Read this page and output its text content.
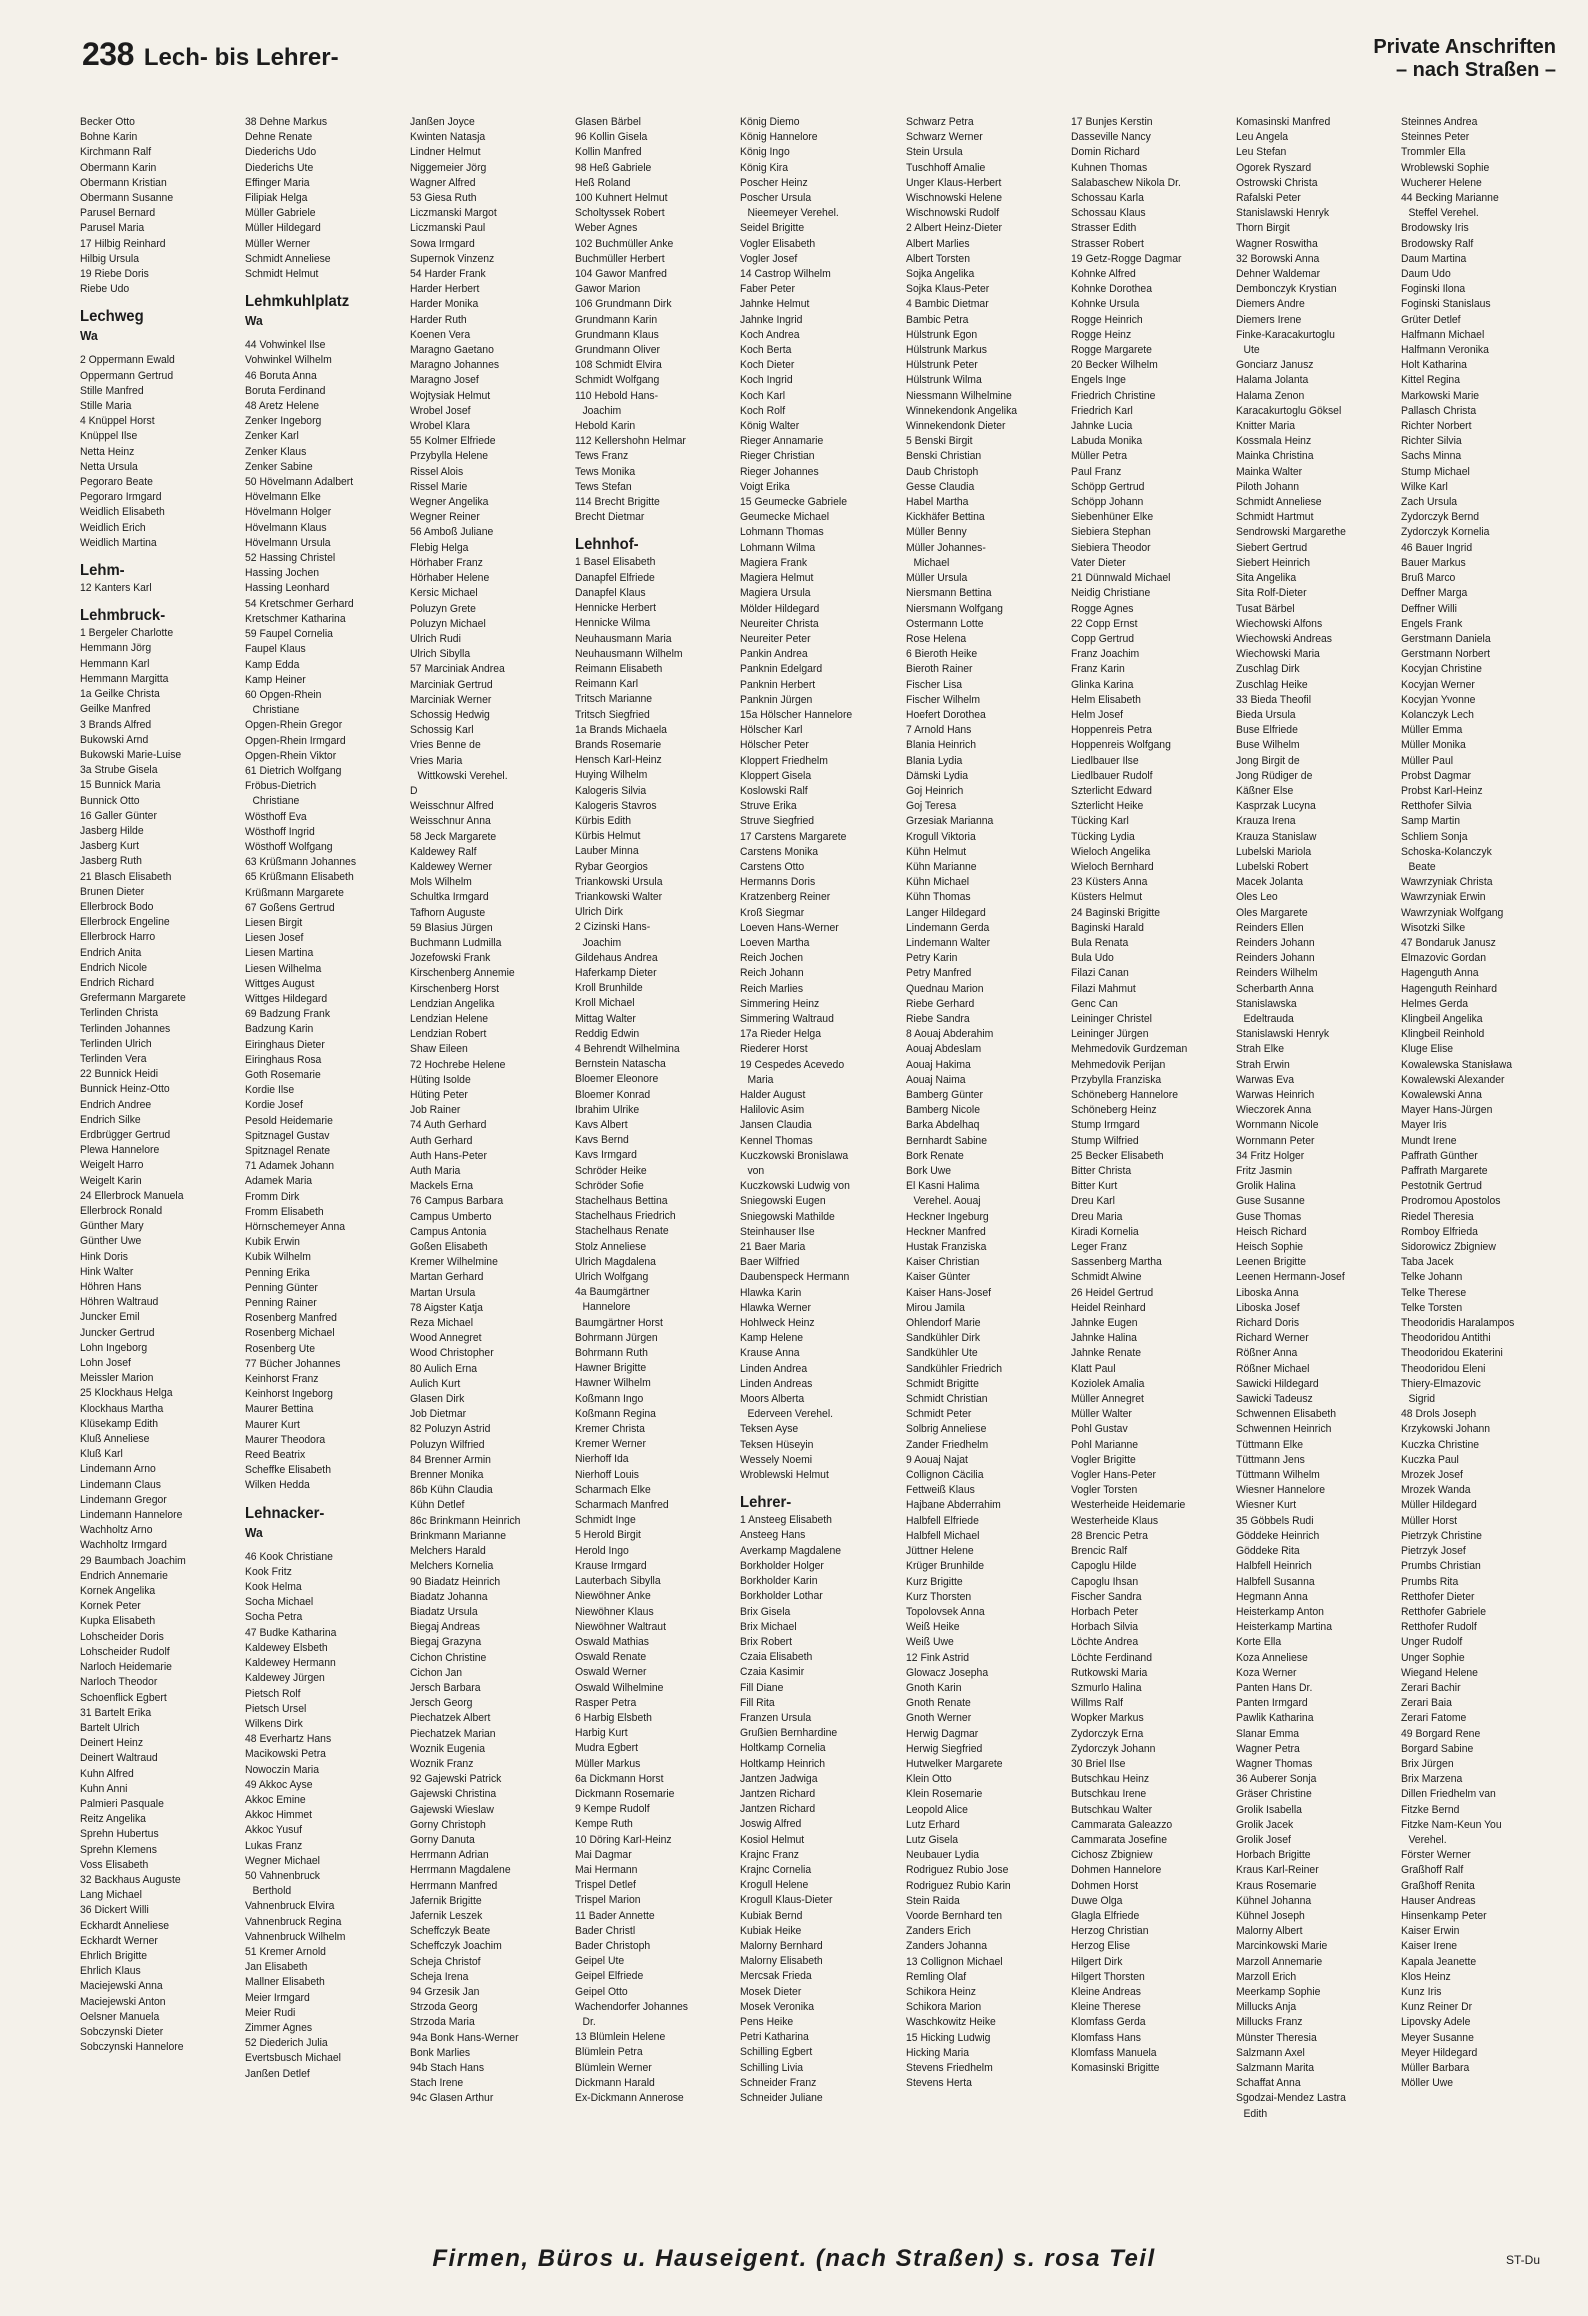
238 Lech- bis Lehrer-	Private Anschriften
– nach Straßen –
Becker Otto
Bohne Karin
Kirchmann Ralf
Obermann Karin
Obermann Kristian
Obermann Susanne
Parusel Bernard
Parusel Maria
17 Hilbig Reinhard
Hilbig Ursula
19 Riebe Doris
Riebe Udo
Lechweg
Wa
2 Oppermann Ewald
Oppermann Gertrud
Stille Manfred
Stille Maria
4 Knüppel Horst
Knüppel Ilse
Netta Heinz
Netta Ursula
Pegoraro Beate
Pegoraro Irmgard
Weidlich Elisabeth
Weidlich Erich
Weidlich Martina
Lehm-
12 Kanters Karl
Lehmbruck-
1 Bergeler Charlotte
Hemmann Jörg
Hemmann Karl
Hemmann Margitta
1a Geilke Christa
Geilke Manfred
3 Brands Alfred
Bukowski Arnd
Bukowski Marie-Luise
3a Strube Gisela
15 Bunnick Maria
Bunnick Otto
16 Galler Günter
Jasberg Hilde
Jasberg Kurt
Jasberg Ruth
21 Blasch Elisabeth
Brunen Dieter
Ellerbrock Bodo
Ellerbrock Engeline
Ellerbrock Harro
Endrich Anita
Endrich Nicole
Endrich Richard
Grefermann Margarete
Terlinden Christa
Terlinden Johannes
Terlinden Ulrich
Terlinden Vera
22 Bunnick Heidi
Bunnick Heinz-Otto
Endrich Andree
Endrich Silke
Erdbrügger Gertrud
Plewa Hannelore
Weigelt Harro
Weigelt Karin
24 Ellerbrock Manuela
Ellerbrock Ronald
Günther Mary
Günther Uwe
Hink Doris
Hink Walter
Höhren Hans
Höhren Waltraud
Juncker Emil
Juncker Gertrud
Lohn Ingeborg
Lohn Josef
Meissler Marion
25 Klockhaus Helga
Klockhaus Martha
Klüsekamp Edith
Kluß Anneliese
Kluß Karl
Lindemann Arno
Lindemann Claus
Lindemann Gregor
Lindemann Hannelore
Wachholtz Arno
Wachholtz Irmgard
29 Baumbach Joachim
Endrich Annemarie
Kornek Angelika
Kornek Peter
Kupka Elisabeth
Lohscheider Doris
Lohscheider Rudolf
Narloch Heidemarie
Narloch Theodor
Schoenflick Egbert
31 Bartelt Erika
Bartelt Ulrich
Deinert Heinz
Deinert Waltraud
Kuhn Alfred
Kuhn Anni
Palmieri Pasquale
Reitz Angelika
Sprehn Hubertus
Sprehn Klemens
Voss Elisabeth
32 Backhaus Auguste
Lang Michael
36 Dickert Willi
Eckhardt Anneliese
Eckhardt Werner
Ehrlich Brigitte
Ehrlich Klaus
Maciejewski Anna
Maciejewski Anton
Oelsner Manuela
Sobczynski Dieter
Sobczynski Hannelore
38 Dehne Markus
Dehne Renate
Diederichs Udo
Diederichs Ute
Effinger Maria
Filipiak Helga
Müller Gabriele
Müller Hildegard
Müller Werner
Schmidt Anneliese
Schmidt Helmut
Lehmkuhlplatz
Wa
44 Vohwinkel Ilse
Vohwinkel Wilhelm
46 Boruta Anna
Boruta Ferdinand
48 Aretz Helene
Zenker Ingeborg
Zenker Karl
Zenker Klaus
Zenker Sabine
50 Hövelmann Adalbert
Hövelmann Elke
Hövelmann Holger
Hövelmann Klaus
Hövelmann Ursula
52 Hassing Christel
Hassing Jochen
Hassing Leonhard
54 Kretschmer Gerhard
Kretschmer Katharina
59 Faupel Cornelia
Faupel Klaus
Kamp Edda
Kamp Heiner
60 Opgen-Rhein
Christiane
Opgen-Rhein Gregor
Opgen-Rhein Irmgard
Opgen-Rhein Viktor
61 Dietrich Wolfgang
Fröbus-Dietrich
Christiane
Wösthoff Eva
Wösthoff Ingrid
Wösthoff Wolfgang
63 Krüßmann Johannes
65 Krüßmann Elisabeth
Krüßmann Margarete
67 Goßens Gertrud
Liesen Birgit
Liesen Josef
Liesen Martina
Liesen Wilhelma
Wittges August
Wittges Hildegard
69 Badzung Frank
Badzung Karin
Eiringhaus Dieter
Eiringhaus Rosa
Goth Rosemarie
Kordie Ilse
Kordie Josef
Pesold Heidemarie
Spitznagel Gustav
Spitznagel Renate
71 Adamek Johann
Adamek Maria
Fromm Dirk
Fromm Elisabeth
Hörnschemeyer Anna
Kubik Erwin
Kubik Wilhelm
Penning Erika
Penning Günter
Penning Rainer
Rosenberg Manfred
Rosenberg Michael
Rosenberg Ute
77 Bücher Johannes
Keinhorst Franz
Keinhorst Ingeborg
Maurer Bettina
Maurer Kurt
Maurer Theodora
Reed Beatrix
Scheffke Elisabeth
Wilken Hedda
Lehnacker-
Wa
46 Kook Christiane
Kook Fritz
Kook Helma
Socha Michael
Socha Petra
47 Budke Katharina
Kaldewey Elsbeth
Kaldewey Hermann
Kaldewey Jürgen
Pietsch Rolf
Pietsch Ursel
Wilkens Dirk
48 Everhartz Hans
Macikowski Petra
Nowoczin Maria
49 Akkoc Ayse
Akkoc Emine
Akkoc Himmet
Akkoc Yusuf
Lukas Franz
Wegner Michael
50 Vahnenbruck
Berthold
Vahnenbruck Elvira
Vahnenbruck Regina
Vahnenbruck Wilhelm
51 Kremer Arnold
Jan Elisabeth
Mallner Elisabeth
Meier Irmgard
Meier Rudi
Zimmer Agnes
52 Diederich Julia
Evertsbusch Michael
Janßen Detlef
Janßen Joyce
Kwinten Natasja
Lindner Helmut
Niggemeier Jörg
Wagner Alfred
53 Giesa Ruth
Liczmanski Margot
Liczmanski Paul
Sowa Irmgard
Supernok Vinzenz
54 Harder Frank
Harder Herbert
Harder Monika
Harder Ruth
Koenen Vera
Maragno Gaetano
Maragno Johannes
Maragno Josef
Wojtysiak Helmut
Wrobel Josef
Wrobel Klara
55 Kolmer Elfriede
Przybylla Helene
Rissel Alois
Rissel Marie
Wegner Angelika
Wegner Reiner
56 Amboß Juliane
Flebig Helga
Hörhaber Franz
Hörhaber Helene
Kersic Michael
Poluzyn Grete
Poluzyn Michael
Ulrich Rudi
Ulrich Sibylla
57 Marciniak Andrea
Marciniak Gertrud
Marciniak Werner
Schossig Hedwig
Schossig Karl
Vries Benne de
Vries Maria
Wittkowski Verehel.
D
Weisschnur Alfred
Weisschnur Anna
58 Jeck Margarete
Kaldewey Ralf
Kaldewey Werner
Mols Wilhelm
Schultka Irmgard
Tafhorn Auguste
59 Blasius Jürgen
Buchmann Ludmilla
Jozefowski Frank
Kirschenberg Annemie
Kirschenberg Horst
Lendzian Angelika
Lendzian Helene
Lendzian Robert
Shaw Eileen
72 Hochrebe Helene
Hüting Isolde
Hüting Peter
Job Rainer
74 Auth Gerhard
Auth Gerhard
Auth Hans-Peter
Auth Maria
Mackels Erna
76 Campus Barbara
Campus Umberto
Campus Antonia
Goßen Elisabeth
Kremer Wilhelmine
Martan Gerhard
Martan Ursula
78 Aigster Katja
Reza Michael
Wood Annegret
Wood Christopher
80 Aulich Erna
Aulich Kurt
Glasen Dirk
Job Dietmar
82 Poluzyn Astrid
Poluzyn Wilfried
84 Brenner Armin
Brenner Monika
86b Kühn Claudia
Kühn Detlef
86c Brinkmann Heinrich
Brinkmann Marianne
Melchers Harald
Melchers Kornelia
90 Biadatz Heinrich
Biadatz Johanna
Biadatz Ursula
Biegaj Andreas
Biegaj Grazyna
Cichon Christine
Cichon Jan
Jersch Barbara
Jersch Georg
Piechatzek Albert
Piechatzek Marian
Woznik Eugenia
Woznik Franz
92 Gajewski Patrick
Gajewski Christina
Gajewski Wieslaw
Gorny Christoph
Gorny Danuta
Herrmann Adrian
Herrmann Magdalene
Herrmann Manfred
Jafernik Brigitte
Jafernik Leszek
Scheffczyk Beate
Scheffczyk Joachim
Scheja Christof
Scheja Irena
94 Grzesik Jan
Strzoda Georg
Strzoda Maria
94a Bonk Hans-Werner
Bonk Marlies
94b Stach Hans
Stach Irene
94c Glasen Arthur
Glasen Bärbel
96 Kollin Gisela
Kollin Manfred
98 Heß Gabriele
Heß Roland
100 Kuhnert Helmut
Scholtyssek Robert
Weber Agnes
102 Buchmüller Anke
Buchmüller Herbert
104 Gawor Manfred
Gawor Marion
106 Grundmann Dirk
Grundmann Karin
Grundmann Klaus
Grundmann Oliver
108 Schmidt Elvira
Schmidt Wolfgang
110 Hebold Hans-
Joachim
Hebold Karin
112 Kellershohn Helmar
Tews Franz
Tews Monika
Tews Stefan
114 Brecht Brigitte
Brecht Dietmar
Lehnhof-
1 Basel Elisabeth
Danapfel Elfriede
Danapfel Klaus
Hennicke Herbert
Hennicke Wilma
Neuhausmann Maria
Neuhausmann Wilhelm
Reimann Elisabeth
Reimann Karl
Tritsch Marianne
Tritsch Siegfried
1a Brands Michaela
Brands Rosemarie
Hensch Karl-Heinz
Huying Wilhelm
Kalogeris Silvia
Kalogeris Stavros
Kürbis Edith
Kürbis Helmut
Lauber Minna
Rybar Georgios
Triankowski Ursula
Triankowski Walter
Ulrich Dirk
2 Cizinski Hans-
Joachim
Gildehaus Andrea
Haferkamp Dieter
Kroll Brunhilde
Kroll Michael
Mittag Walter
Reddig Edwin
4 Behrendt Wilhelmina
Bernstein Natascha
Bloemer Eleonore
Bloemer Konrad
Ibrahim Ulrike
Kavs Albert
Kavs Bernd
Kavs Irmgard
Schröder Heike
Schröder Sofie
Stachelhaus Bettina
Stachelhaus Friedrich
Stachelhaus Renate
Stolz Anneliese
Ulrich Magdalena
Ulrich Wolfgang
4a Baumgärtner
Hannelore
Baumgärtner Horst
Bohrmann Jürgen
Bohrmann Ruth
Hawner Brigitte
Hawner Wilhelm
Koßmann Ingo
Koßmann Regina
Kremer Christa
Kremer Werner
Nierhoff Ida
Nierhoff Louis
Scharmach Elke
Scharmach Manfred
Schmidt Inge
5 Herold Birgit
Herold Ingo
Krause Irmgard
Lauterbach Sibylla
Niewöhner Anke
Niewöhner Klaus
Niewöhner Waltraut
Oswald Mathias
Oswald Renate
Oswald Werner
Oswald Wilhelmine
Rasper Petra
6 Harbig Elsbeth
Harbig Kurt
Mudra Egbert
Müller Markus
6a Dickmann Horst
Dickmann Rosemarie
9 Kempe Rudolf
Kempe Ruth
10 Döring Karl-Heinz
Mai Dagmar
Mai Hermann
Trispel Detlef
Trispel Marion
11 Bader Annette
Bader Christl
Bader Christoph
Geipel Ute
Geipel Elfriede
Geipel Otto
Wachendorfer Johannes
Dr.
13 Blümlein Helene
Blümlein Petra
Blümlein Werner
Dickmann Harald
Ex-Dickmann Annerose
König Diemo
König Hannelore
König Ingo
König Kira
Poscher Heinz
Poscher Ursula
Nieemeyer Verehel.
Seidel Brigitte
Vogler Elisabeth
Vogler Josef
14 Castrop Wilhelm
Faber Peter
Jahnke Helmut
Jahnke Ingrid
Koch Andrea
Koch Berta
Koch Dieter
Koch Ingrid
Koch Karl
Koch Rolf
König Walter
Rieger Annamarie
Rieger Christian
Rieger Johannes
Voigt Erika
15 Geumecke Gabriele
Geumecke Michael
Lohmann Thomas
Lohmann Wilma
Magiera Frank
Magiera Helmut
Magiera Ursula
Mölder Hildegard
Neureiter Christa
Neureiter Peter
Pankin Andrea
Panknin Edelgard
Panknin Herbert
Panknin Jürgen
15a Hölscher Hannelore
Hölscher Karl
Hölscher Peter
Kloppert Friedhelm
Kloppert Gisela
Koslowski Ralf
Struve Erika
Struve Siegfried
17 Carstens Margarete
Carstens Monika
Carstens Otto
Hermanns Doris
Kratzenberg Reiner
Kroß Siegmar
Loeven Hans-Werner
Loeven Martha
Reich Jochen
Reich Johann
Reich Marlies
Simmering Heinz
Simmering Waltraud
17a Rieder Helga
Riederer Horst
19 Cespedes Acevedo
Maria
Halder August
Halilovic Asim
Jansen Claudia
Kennel Thomas
Kuczkowski Bronislawa
von
Kuczkowski Ludwig von
Sniegowski Eugen
Sniegowski Mathilde
Steinhauser Ilse
21 Baer Maria
Baer Wilfried
Daubenspeck Hermann
Hlawka Karin
Hlawka Werner
Hohlweck Heinz
Kamp Helene
Krause Anna
Linden Andrea
Linden Andreas
Moors Alberta
Ederveen Verehel.
Teksen Ayse
Teksen Hüseyin
Wessely Noemi
Wroblewski Helmut
Lehrer-
1 Ansteeg Elisabeth
Ansteeg Hans
Averkamp Magdalene
Borkholder Holger
Borkholder Karin
Borkholder Lothar
Brix Gisela
Brix Michael
Brix Robert
Czaia Elisabeth
Czaia Kasimir
Fill Diane
Fill Rita
Franzen Ursula
Grußien Bernhardine
Holtkamp Cornelia
Holtkamp Heinrich
Jantzen Jadwiga
Jantzen Richard
Jantzen Richard
Joswig Alfred
Kosiol Helmut
Krajnc Franz
Krajnc Cornelia
Krogull Helene
Krogull Klaus-Dieter
Kubiak Bernd
Kubiak Heike
Malorny Bernhard
Malorny Elisabeth
Mercsak Frieda
Mosek Dieter
Mosek Veronika
Pens Heike
Petri Katharina
Schilling Egbert
Schilling Livia
Schneider Franz
Schneider Juliane
Schwarz Petra
Schwarz Werner
Stein Ursula
Tuschhoff Amalie
Unger Klaus-Herbert
Wischnowski Helene
Wischnowski Rudolf
2 Albert Heinz-Dieter
Albert Marlies
Albert Torsten
Sojka Angelika
Sojka Klaus-Peter
4 Bambic Dietmar
Bambic Petra
Hülstrunk Egon
Hülstrunk Markus
Hülstrunk Peter
Hülstrunk Wilma
Niessmann Wilhelmine
Winnekendonk Angelika
Winnekendonk Dieter
5 Benski Birgit
Benski Christian
Daub Christoph
Gesse Claudia
Habel Martha
Kickhäfer Bettina
Müller Benny
Müller Johannes-
Michael
Müller Ursula
Niersmann Bettina
Niersmann Wolfgang
Ostermann Lotte
Rose Helena
6 Bieroth Heike
Bieroth Rainer
Fischer Lisa
Fischer Wilhelm
Hoefert Dorothea
7 Arnold Hans
Blania Heinrich
Blania Lydia
Dämski Lydia
Goj Heinrich
Goj Teresa
Grzesiak Marianna
Krogull Viktoria
Kühn Helmut
Kühn Marianne
Kühn Michael
Kühn Thomas
Langer Hildegard
Lindemann Gerda
Lindemann Walter
Petry Karin
Petry Manfred
Quednau Marion
Riebe Gerhard
Riebe Sandra
8 Aouaj Abderahim
Aouaj Abdeslam
Aouaj Hakima
Aouaj Naima
Bamberg Günter
Bamberg Nicole
Barka Abdelhaq
Bernhardt Sabine
Bork Renate
Bork Uwe
El Kasni Halima
Verehel. Aouaj
Heckner Ingeburg
Heckner Manfred
Hustak Franziska
Kaiser Christian
Kaiser Günter
Kaiser Hans-Josef
Mirou Jamila
Ohlendorf Marie
Sandkühler Dirk
Sandkühler Ute
Sandkühler Friedrich
Schmidt Brigitte
Schmidt Christian
Schmidt Peter
Solbrig Anneliese
Zander Friedhelm
9 Aouaj Najat
Collignon Cäcilia
Fettweiß Klaus
Hajbane Abderrahim
Halbfell Elfriede
Halbfell Michael
Jüttner Helene
Krüger Brunhilde
Kurz Brigitte
Kurz Thorsten
Topolovsek Anna
Weiß Heike
Weiß Uwe
12 Fink Astrid
Glowacz Josepha
Gnoth Karin
Gnoth Renate
Gnoth Werner
Herwig Dagmar
Herwig Siegfried
Hutwelker Margarete
Klein Otto
Klein Rosemarie
Leopold Alice
Lutz Erhard
Lutz Gisela
Neubauer Lydia
Rodriguez Rubio Jose
Rodriguez Rubio Karin
Stein Raida
Voorde Bernhard ten
Zanders Erich
Zanders Johanna
13 Collignon Michael
Remling Olaf
Schikora Heinz
Schikora Marion
Waschkowitz Heike
15 Hicking Ludwig
Hicking Maria
Stevens Friedhelm
Stevens Herta
17 Bunjes Kerstin
Dasseville Nancy
Domin Richard
Kuhnen Thomas
Salabaschew Nikola Dr.
Schossau Karla
Schossau Klaus
Strasser Edith
Strasser Robert
19 Getz-Rogge Dagmar
Kohnke Alfred
Kohnke Dorothea
Kohnke Ursula
Rogge Heinrich
Rogge Heinz
Rogge Margarete
20 Becker Wilhelm
Engels Inge
Friedrich Christine
Friedrich Karl
Jahnke Lucia
Labuda Monika
Müller Petra
Paul Franz
Schöpp Gertrud
Schöpp Johann
Siebenhüner Elke
Siebiera Stephan
Siebiera Theodor
Vater Dieter
21 Dünnwald Michael
Neidig Christiane
Rogge Agnes
22 Copp Ernst
Copp Gertrud
Franz Joachim
Franz Karin
Glinka Karina
Helm Elisabeth
Helm Josef
Hoppenreis Petra
Hoppenreis Wolfgang
Liedlbauer Ilse
Liedlbauer Rudolf
Szterlicht Edward
Szterlicht Heike
Tücking Karl
Tücking Lydia
Wieloch Angelika
Wieloch Bernhard
23 Küsters Anna
Küsters Helmut
24 Baginski Brigitte
Baginski Harald
Bula Renata
Bula Udo
Filazi Canan
Filazi Mahmut
Genc Can
Leininger Christel
Leininger Jürgen
Mehmedovik Gurdzeman
Mehmedovik Perijan
Przybylla Franziska
Schöneberg Hannelore
Schöneberg Heinz
Stump Irmgard
Stump Wilfried
25 Becker Elisabeth
Bitter Christa
Bitter Kurt
Dreu Karl
Dreu Maria
Kiradi Kornelia
Leger Franz
Sassenberg Martha
Schmidt Alwine
26 Heidel Gertrud
Heidel Reinhard
Jahnke Eugen
Jahnke Halina
Jahnke Renate
Klatt Paul
Koziolek Amalia
Müller Annegret
Müller Walter
Pohl Gustav
Pohl Marianne
Vogler Brigitte
Vogler Hans-Peter
Vogler Torsten
Westerheide Heidemarie
Westerheide Klaus
28 Brencic Petra
Brencic Ralf
Capoglu Hilde
Capoglu Ihsan
Fischer Sandra
Horbach Peter
Horbach Silvia
Löchte Andrea
Löchte Ferdinand
Rutkowski Maria
Szmurlo Halina
Willms Ralf
Wopker Markus
Zydorczyk Erna
Zydorczyk Johann
30 Briel Ilse
Butschkau Heinz
Butschkau Irene
Butschkau Walter
Cammarata Galeazzo
Cammarata Josefine
Cichosz Zbigniew
Dohmen Hannelore
Dohmen Horst
Duwe Olga
Glagla Elfriede
Herzog Christian
Herzog Elise
Hilgert Dirk
Hilgert Thorsten
Kleine Andreas
Kleine Therese
Klomfass Gerda
Klomfass Hans
Klomfass Manuela
Komasinski Brigitte
Komasinski Manfred
Leu Angela
Leu Stefan
Ogorek Ryszard
Ostrowski Christa
Rafalski Peter
Stanislawski Henryk
Thorn Birgit
Wagner Roswitha
32 Borowski Anna
Dehner Waldemar
Dembonczyk Krystian
Diemers Andre
Diemers Irene
Finke-Karacakurtoglu
Ute
Gonciarz Janusz
Halama Jolanta
Halama Zenon
Karacakurtoglu Göksel
Knitter Maria
Kossmala Heinz
Mainka Christina
Mainka Walter
Piloth Johann
Schmidt Anneliese
Schmidt Hartmut
Sendrowski Margarethe
Siebert Gertrud
Siebert Heinrich
Sita Angelika
Sita Rolf-Dieter
Tusat Bärbel
Wiechowski Alfons
Wiechowski Andreas
Wiechowski Maria
Zuschlag Dirk
Zuschlag Heike
33 Bieda Theofil
Bieda Ursula
Buse Elfriede
Buse Wilhelm
Jong Birgit de
Jong Rüdiger de
Käßner Else
Kasprzak Lucyna
Krauza Irena
Krauza Stanislaw
Lubelski Mariola
Lubelski Robert
Macek Jolanta
Oles Leo
Oles Margarete
Reinders Ellen
Reinders Johann
Reinders Johann
Reinders Wilhelm
Scherbarth Anna
Stanislawska
Edeltrauda
Stanislawski Henryk
Strah Elke
Strah Erwin
Warwas Eva
Warwas Heinrich
Wieczorek Anna
Wornmann Nicole
Wornmann Peter
34 Fritz Holger
Fritz Jasmin
Grolik Halina
Guse Susanne
Guse Thomas
Heisch Richard
Heisch Sophie
Leenen Brigitte
Leenen Hermann-Josef
Liboska Anna
Liboska Josef
Richard Doris
Richard Werner
Rößner Anna
Rößner Michael
Sawicki Hildegard
Sawicki Tadeusz
Schwennen Elisabeth
Schwennen Heinrich
Tüttmann Elke
Tüttmann Jens
Tüttmann Wilhelm
Wiesner Hannelore
Wiesner Kurt
35 Göbbels Rudi
Göddeke Heinrich
Göddeke Rita
Halbfell Heinrich
Halbfell Susanna
Hegmann Anna
Heisterkamp Anton
Heisterkamp Martina
Korte Ella
Koza Anneliese
Koza Werner
Panten Hans Dr.
Panten Irmgard
Pawlik Katharina
Slanar Emma
Wagner Petra
Wagner Thomas
36 Auberer Sonja
Gräser Christine
Grolik Isabella
Grolik Jacek
Grolik Josef
Horbach Brigitte
Kraus Karl-Reiner
Kraus Rosemarie
Kühnel Johanna
Kühnel Joseph
Malorny Albert
Marcinkowski Marie
Marzoll Annemarie
Marzoll Erich
Meerkamp Sophie
Millucks Anja
Millucks Franz
Münster Theresia
Salzmann Axel
Salzmann Marita
Schaffat Anna
Sgodzai-Mendez Lastra
Edith
Steinnes Andrea
Steinnes Peter
Trommler Ella
Wroblewski Sophie
Wucherer Helene
44 Becking Marianne
Steffel Verehel.
Brodowsky Iris
Brodowsky Ralf
Daum Martina
Daum Udo
Foginski Ilona
Foginski Stanislaus
Grüter Detlef
Halfmann Michael
Halfmann Veronika
Holt Katharina
Kittel Regina
Markowski Marie
Pallasch Christa
Richter Norbert
Richter Silvia
Sachs Minna
Stump Michael
Wilke Karl
Zach Ursula
Zydorczyk Bernd
Zydorczyk Kornelia
46 Bauer Ingrid
Bauer Markus
Bruß Marco
Deffner Marga
Deffner Willi
Engels Frank
Gerstmann Daniela
Gerstmann Norbert
Kocyjan Christine
Kocyjan Werner
Kocyjan Yvonne
Kolanczyk Lech
Müller Emma
Müller Monika
Müller Paul
Probst Dagmar
Probst Karl-Heinz
Retthofer Silvia
Samp Martin
Schliem Sonja
Schoska-Kolanczyk
Beate
Wawrzyniak Christa
Wawrzyniak Erwin
Wawrzyniak Wolfgang
Wisotzki Silke
47 Bondaruk Janusz
Elmazovic Gordan
Hagenguth Anna
Hagenguth Reinhard
Helmes Gerda
Klingbeil Angelika
Klingbeil Reinhold
Kluge Elise
Kowalewska Stanisława
Kowalewski Alexander
Kowalewski Anna
Mayer Hans-Jürgen
Mayer Iris
Mundt Irene
Paffrath Günther
Paffrath Margarete
Pestotnik Gertrud
Prodromou Apostolos
Riedel Theresia
Romboy Elfrieda
Sidorowicz Zbigniew
Taba Jacek
Telke Johann
Telke Therese
Telke Torsten
Theodoridis Haralampos
Theodoridou Antithi
Theodoridou Ekaterini
Theodoridou Eleni
Thiery-Elmazovic
Sigrid
48 Drols Joseph
Krzykowski Johann
Kuczka Christine
Kuczka Paul
Mrozek Josef
Mrozek Wanda
Müller Hildegard
Müller Horst
Pietrzyk Christine
Pietrzyk Josef
Prumbs Christian
Prumbs Rita
Retthofer Dieter
Retthofer Gabriele
Retthofer Rudolf
Unger Rudolf
Unger Sophie
Wiegand Helene
Zerari Bachir
Zerari Baia
Zerari Fatome
49 Borgard Rene
Borgard Sabine
Brix Jürgen
Brix Marzena
Dillen Friedhelm van
Fitzke Bernd
Fitzke Nam-Keun You
Verehel.
Förster Werner
Graßhoff Ralf
Graßhoff Renita
Hauser Andreas
Hinsenkamp Peter
Kaiser Erwin
Kaiser Irene
Kapala Jeanette
Klos Heinz
Kunz Iris
Kunz Reiner Dr
Lipovsky Adele
Meyer Susanne
Meyer Hildegard
Müller Barbara
Möller Uwe
Firmen, Büros u. Hauseigent. (nach Straßen) s. rosa Teil	ST-Du
